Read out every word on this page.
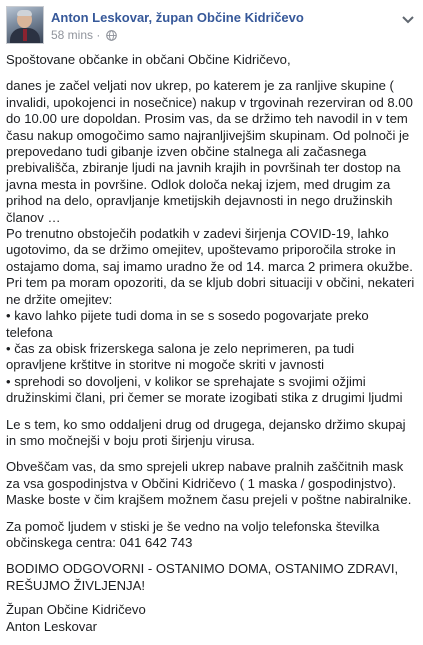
Anton Leskovar, župan Občine Kidričevo
58 mins ·

Spoštovane občanke in občani Občine Kidričevo,

danes je začel veljati nov ukrep, po katerem je za ranljive skupine ( invalidi, upokojenci in nosečnice) nakup v trgovinah rezerviran od 8.00 do 10.00 ure dopoldan. Prosim vas, da se držimo teh navodil in v tem času nakup omogočimo samo najranljivejšim skupinam. Od polnoči je prepovedano tudi gibanje izven občine stalnega ali začasnega prebivališča, zbiranje ljudi na javnih krajih in površinah ter dostop na javna mesta in površine. Odlok določa nekaj izjem, med drugim za prihod na delo, opravljanje kmetijskih dejavnosti in nego družinskih članov …
Po trenutno obstoječih podatkih v zadevi širjenja COVID-19, lahko ugotovimo, da se držimo omejitev, upoštevamo priporočila stroke in ostajamo doma, saj imamo uradno že od 14. marca 2 primera okužbe.
Pri tem pa moram opozoriti, da se kljub dobri situaciji v občini, nekateri ne držite omejitev:
• kavo lahko pijete tudi doma in se s sosedo pogovarjate preko telefona
• čas za obisk frizerskega salona je zelo neprimeren, pa tudi opravljene krštitve in storitve ni mogoče skriti v javnosti
• sprehodi so dovoljeni, v kolikor se sprehajate s svojimi ožjimi družinskimi člani, pri čemer se morate izogibati stika z drugimi ljudmi

Le s tem, ko smo oddaljeni drug od drugega, dejansko držimo skupaj in smo močnejši v boju proti širjenju virusa.

Obveščam vas, da smo sprejeli ukrep nabave pralnih zaščitnih mask za vsa gospodinjstva v Občini Kidričevo ( 1 maska / gospodinjstvo).
Maske boste v čim krajšem možnem času prejeli v poštne nabiralnike.

Za pomoč ljudem v stiski je še vedno na voljo telefonska številka občinskega centra: 041 642 743

BODIMO ODGOVORNI - OSTANIMO DOMA, OSTANIMO ZDRAVI, REŠUJMO ŽIVLJENJA!

Župan Občine Kidričevo
Anton Leskovar
